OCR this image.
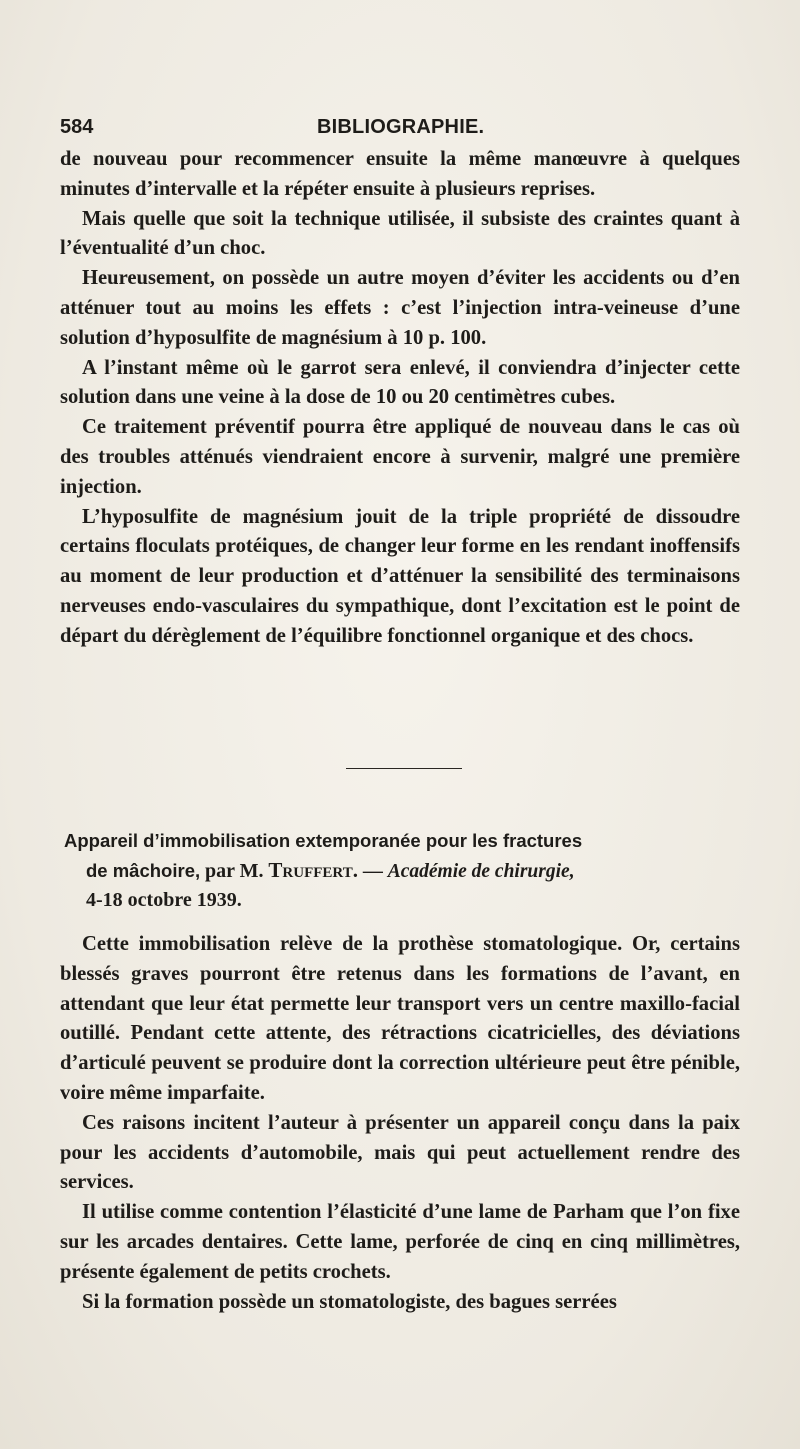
584	BIBLIOGRAPHIE.

de nouveau pour recommencer ensuite la même manœuvre à quelques minutes d’intervalle et la répéter ensuite à plusieurs reprises.

Mais quelle que soit la technique utilisée, il subsiste des craintes quant à l’éventualité d’un choc.

Heureusement, on possède un autre moyen d’éviter les accidents ou d’en atténuer tout au moins les effets : c’est l’injection intra-veineuse d’une solution d’hyposulfite de magnésium à 10 p. 100.

A l’instant même où le garrot sera enlevé, il conviendra d’injecter cette solution dans une veine à la dose de 10 ou 20 centimètres cubes.

Ce traitement préventif pourra être appliqué de nouveau dans le cas où des troubles atténués viendraient encore à survenir, malgré une première injection.

L’hyposulfite de magnésium jouit de la triple propriété de dissoudre certains floculats protéiques, de changer leur forme en les rendant inoffensifs au moment de leur production et d’atténuer la sensibilité des terminaisons nerveuses endo-vasculaires du sympathique, dont l’excitation est le point de départ du dérèglement de l’équilibre fonctionnel organique et des chocs.

Appareil d’immobilisation extemporanée pour les fractures
de mâchoire, par M. Truffert. — Académie de chirurgie,
4-18 octobre 1939.

Cette immobilisation relève de la prothèse stomatologique. Or, certains blessés graves pourront être retenus dans les formations de l’avant, en attendant que leur état permette leur transport vers un centre maxillo-facial outillé. Pendant cette attente, des rétractions cicatricielles, des déviations d’articulé peuvent se produire dont la correction ultérieure peut être pénible, voire même imparfaite.

Ces raisons incitent l’auteur à présenter un appareil conçu dans la paix pour les accidents d’automobile, mais qui peut actuellement rendre des services.

Il utilise comme contention l’élasticité d’une lame de Parham que l’on fixe sur les arcades dentaires. Cette lame, perforée de cinq en cinq millimètres, présente également de petits crochets.

Si la formation possède un stomatologiste, des bagues serrées
